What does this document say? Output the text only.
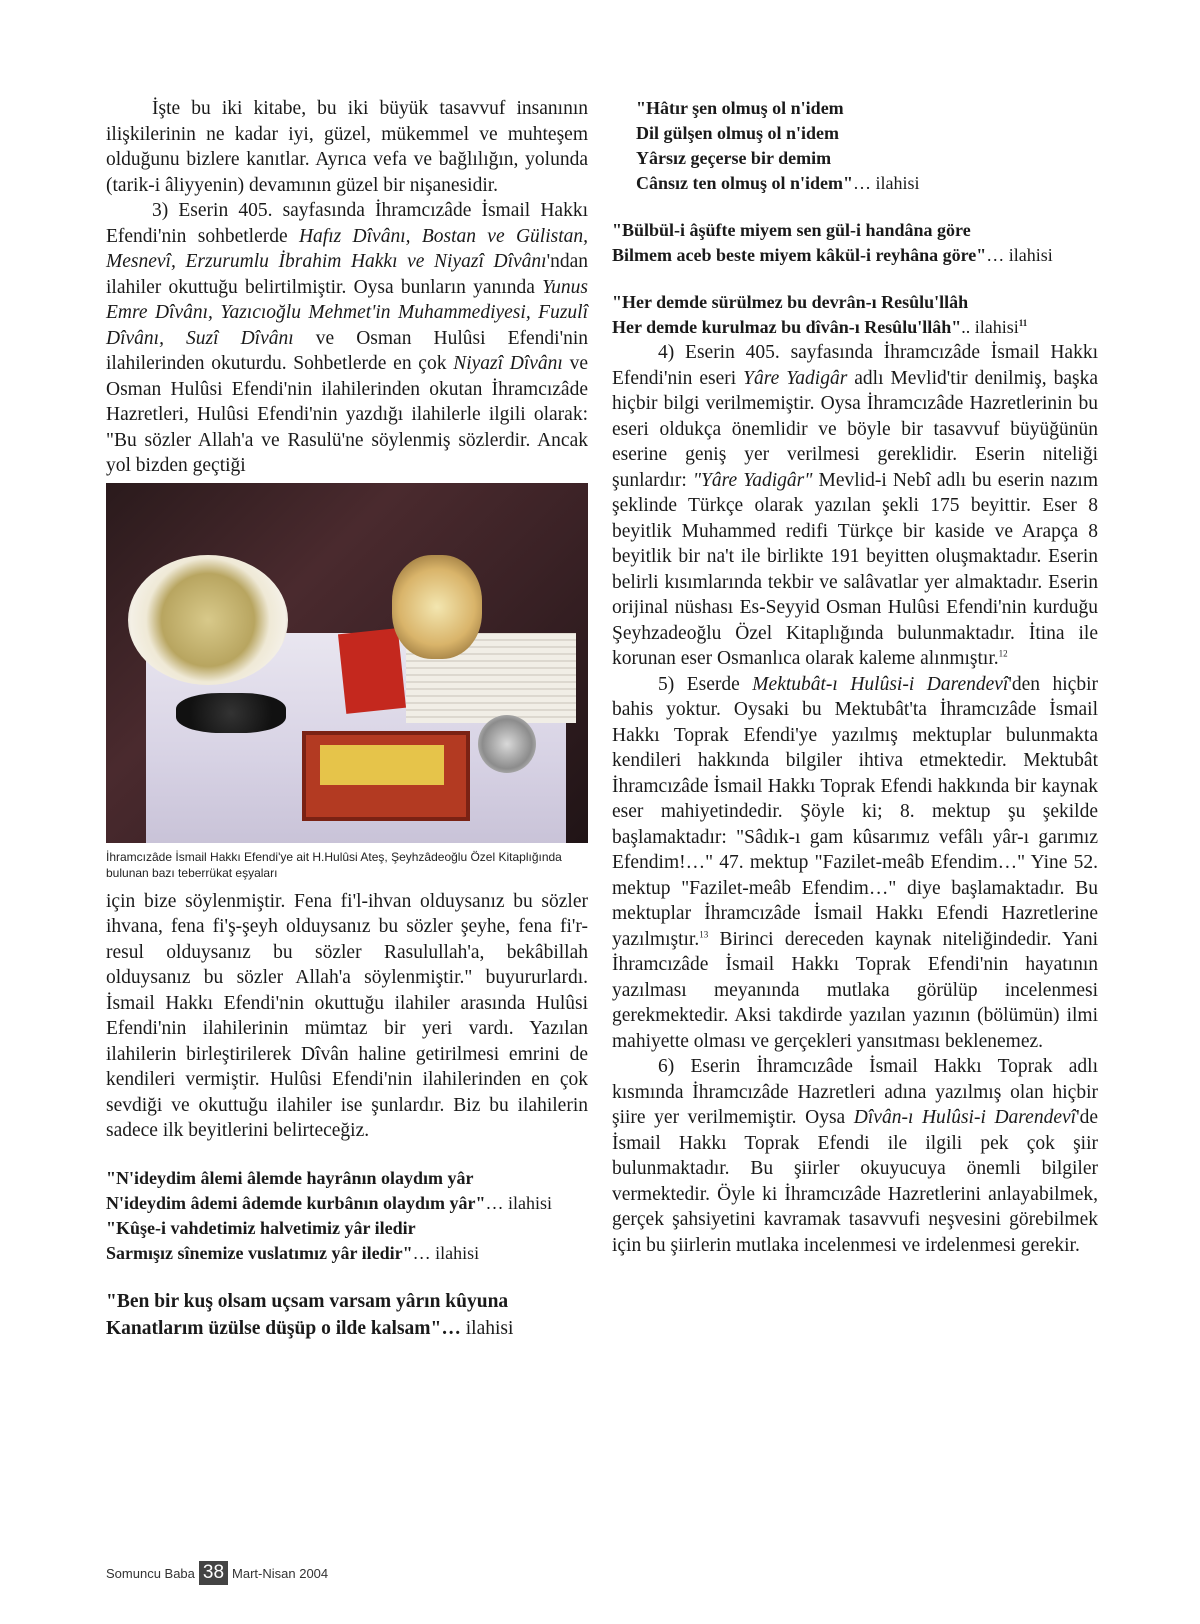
İşte bu iki kitabe, bu iki büyük tasavvuf insanının ilişkilerinin ne kadar iyi, güzel, mükemmel ve muhteşem olduğunu bizlere kanıtlar. Ayrıca vefa ve bağlılığın, yolunda (tarik-i âliyyenin) devamının güzel bir nişanesidir.

3) Eserin 405. sayfasında İhramcızâde İsmail Hakkı Efendi'nin sohbetlerde Hafız Dîvânı, Bostan ve Gülistan, Mesnevî, Erzurumlu İbrahim Hakkı ve Niyazî Dîvânı'ndan ilahiler okuttuğu belirtilmiştir. Oysa bunların yanında Yunus Emre Dîvânı, Yazıcıoğlu Mehmet'in Muhammediyesi, Fuzulî Dîvânı, Suzî Dîvânı ve Osman Hulûsi Efendi'nin ilahilerinden okuturdu. Sohbetlerde en çok Niyazî Dîvânı ve Osman Hulûsi Efendi'nin ilahilerinden okutan İhramcızâde Hazretleri, Hulûsi Efendi'nin yazdığı ilahilerle ilgili olarak: "Bu sözler Allah'a ve Rasulü'ne söylenmiş sözlerdir. Ancak yol bizden geçtiği

İhramcızâde İsmail Hakkı Efendi'ye ait H.Hulûsi Ateş, Şeyhzâdeoğlu Özel Kitaplığında bulunan bazı teberrükat eşyaları

için bize söylenmiştir. Fena fi'l-ihvan olduysanız bu sözler ihvana, fena fi'ş-şeyh olduysanız bu sözler şeyhe, fena fi'r-resul olduysanız bu sözler Rasulullah'a, bekâbillah olduysanız bu sözler Allah'a söylenmiştir." buyururlardı. İsmail Hakkı Efendi'nin okuttuğu ilahiler arasında Hulûsi Efendi'nin ilahilerinin mümtaz bir yeri vardı. Yazılan ilahilerin birleştirilerek Dîvân haline getirilmesi emrini de kendileri vermiştir. Hulûsi Efendi'nin ilahilerinden en çok sevdiği ve okuttuğu ilahiler ise şunlardır. Biz bu ilahilerin sadece ilk beyitlerini belirteceğiz.

"N'ideydim âlemi âlemde hayrânın olaydım yâr
N'ideydim âdemi âdemde kurbânın olaydım yâr"… ilahisi
"Kûşe-i vahdetimiz halvetimiz yâr iledir
Sarmışız sînemize vuslatımız yâr iledir"… ilahisi
"Ben bir kuş olsam uçsam varsam yârın kûyuna
Kanatlarım üzülse düşüp o ilde kalsam"… ilahisi
"Hâtır şen olmuş ol n'idem
Dil gülşen olmuş ol n'idem
Yârsız geçerse bir demim
Cânsız ten olmuş ol n'idem"… ilahisi
"Bülbül-i âşüfte miyem sen gül-i handâna göre
Bilmem aceb beste miyem kâkül-i reyhâna göre"… ilahisi
"Her demde sürülmez bu devrân-ı Resûlu'llâh
Her demde kurulmaz bu dîvân-ı Resûlu'llâh".. ilahisi$^{11}$

4) Eserin 405. sayfasında İhramcızâde İsmail Hakkı Efendi'nin eseri Yâre Yadigâr adlı Mevlid'tir denilmiş, başka hiçbir bilgi verilmemiştir. Oysa İhramcızâde Hazretlerinin bu eseri oldukça önemlidir ve böyle bir tasavvuf büyüğünün eserine geniş yer verilmesi gereklidir. Eserin niteliği şunlardır: "Yâre Yadigâr" Mevlid-i Nebî adlı bu eserin nazım şeklinde Türkçe olarak yazılan şekli 175 beyittir. Eser 8 beyitlik Muhammed redifi Türkçe bir kaside ve Arapça 8 beyitlik bir na't ile birlikte 191 beyitten oluşmaktadır. Eserin belirli kısımlarında tekbir ve salâvatlar yer almaktadır. Eserin orijinal nüshası Es-Seyyid Osman Hulûsi Efendi'nin kurduğu Şeyhzadeoğlu Özel Kitaplığında bulunmaktadır. İtina ile korunan eser Osmanlıca olarak kaleme alınmıştır.$^{12}$

5) Eserde Mektubât-ı Hulûsi-i Darendevî'den hiçbir bahis yoktur. Oysaki bu Mektubât'ta İhramcızâde İsmail Hakkı Toprak Efendi'ye yazılmış mektuplar bulunmakta kendileri hakkında bilgiler ihtiva etmektedir. Mektubât İhramcızâde İsmail Hakkı Toprak Efendi hakkında bir kaynak eser mahiyetindedir. Şöyle ki; 8. mektup şu şekilde başlamaktadır: "Sâdık-ı gam kûsarımız vefâlı yâr-ı garımız Efendim!…" 47. mektup "Fazilet-meâb Efendim…" Yine 52. mektup "Fazilet-meâb Efendim…" diye başlamaktadır. Bu mektuplar İhramcızâde İsmail Hakkı Efendi Hazretlerine yazılmıştır.$^{13}$ Birinci dereceden kaynak niteliğindedir. Yani İhramcızâde İsmail Hakkı Toprak Efendi'nin hayatının yazılması meyanında mutlaka görülüp incelenmesi gerekmektedir. Aksi takdirde yazılan yazının (bölümün) ilmi mahiyette olması ve gerçekleri yansıtması beklenemez.

6) Eserin İhramcızâde İsmail Hakkı Toprak adlı kısmında İhramcızâde Hazretleri adına yazılmış olan hiçbir şiire yer verilmemiştir. Oysa Dîvân-ı Hulûsi-i Darendevî'de İsmail Hakkı Toprak Efendi ile ilgili pek çok şiir bulunmaktadır. Bu şiirler okuyucuya önemli bilgiler vermektedir. Öyle ki İhramcızâde Hazretlerini anlayabilmek, gerçek şahsiyetini kavramak tasavvufi neşvesini görebilmek için bu şiirlerin mutlaka incelenmesi ve irdelenmesi gerekir.

Somuncu Baba 38 Mart-Nisan 2004
